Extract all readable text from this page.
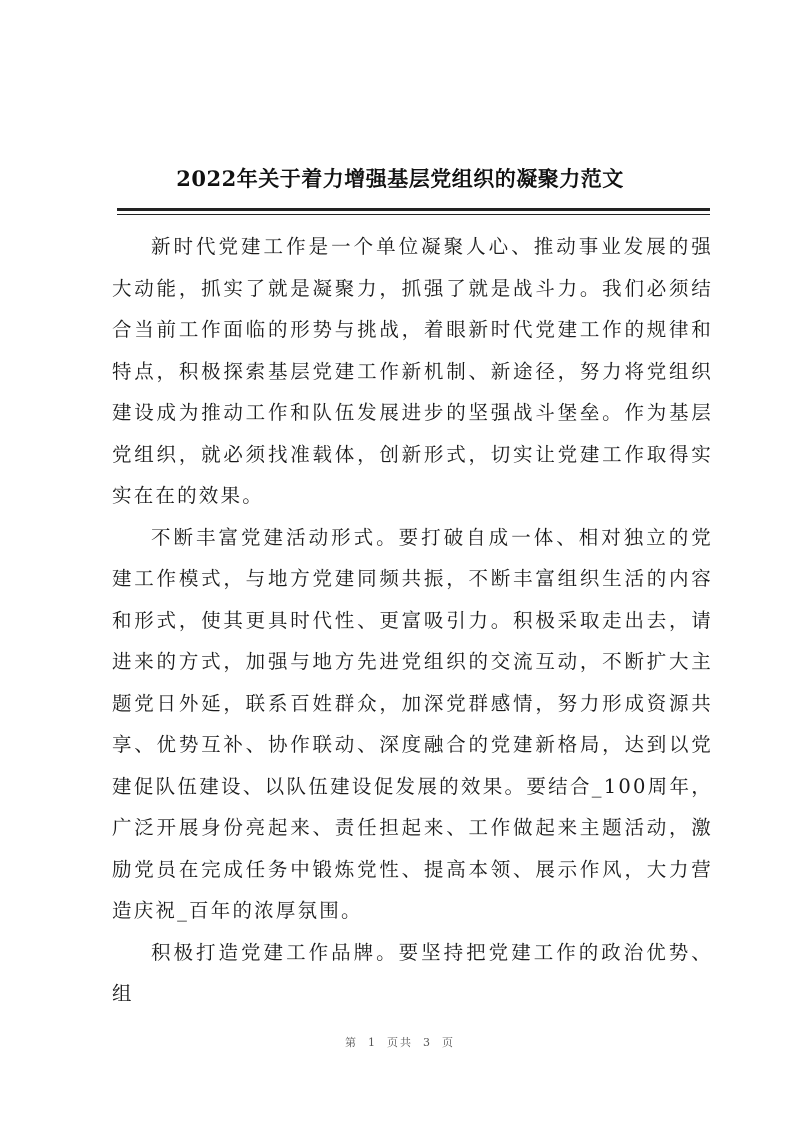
2022年关于着力增强基层党组织的凝聚力范文

新时代党建工作是一个单位凝聚人心、推动事业发展的强大动能，抓实了就是凝聚力，抓强了就是战斗力。我们必须结合当前工作面临的形势与挑战，着眼新时代党建工作的规律和特点，积极探索基层党建工作新机制、新途径，努力将党组织建设成为推动工作和队伍发展进步的坚强战斗堡垒。作为基层党组织，就必须找准载体，创新形式，切实让党建工作取得实实在在的效果。

不断丰富党建活动形式。要打破自成一体、相对独立的党建工作模式，与地方党建同频共振，不断丰富组织生活的内容和形式，使其更具时代性、更富吸引力。积极采取走出去，请进来的方式，加强与地方先进党组织的交流互动，不断扩大主题党日外延，联系百姓群众，加深党群感情，努力形成资源共享、优势互补、协作联动、深度融合的党建新格局，达到以党建促队伍建设、以队伍建设促发展的效果。要结合_100周年，广泛开展身份亮起来、责任担起来、工作做起来主题活动，激励党员在完成任务中锻炼党性、提高本领、展示作风，大力营造庆祝_百年的浓厚氛围。

积极打造党建工作品牌。要坚持把党建工作的政治优势、组

第 1 页共 3 页
